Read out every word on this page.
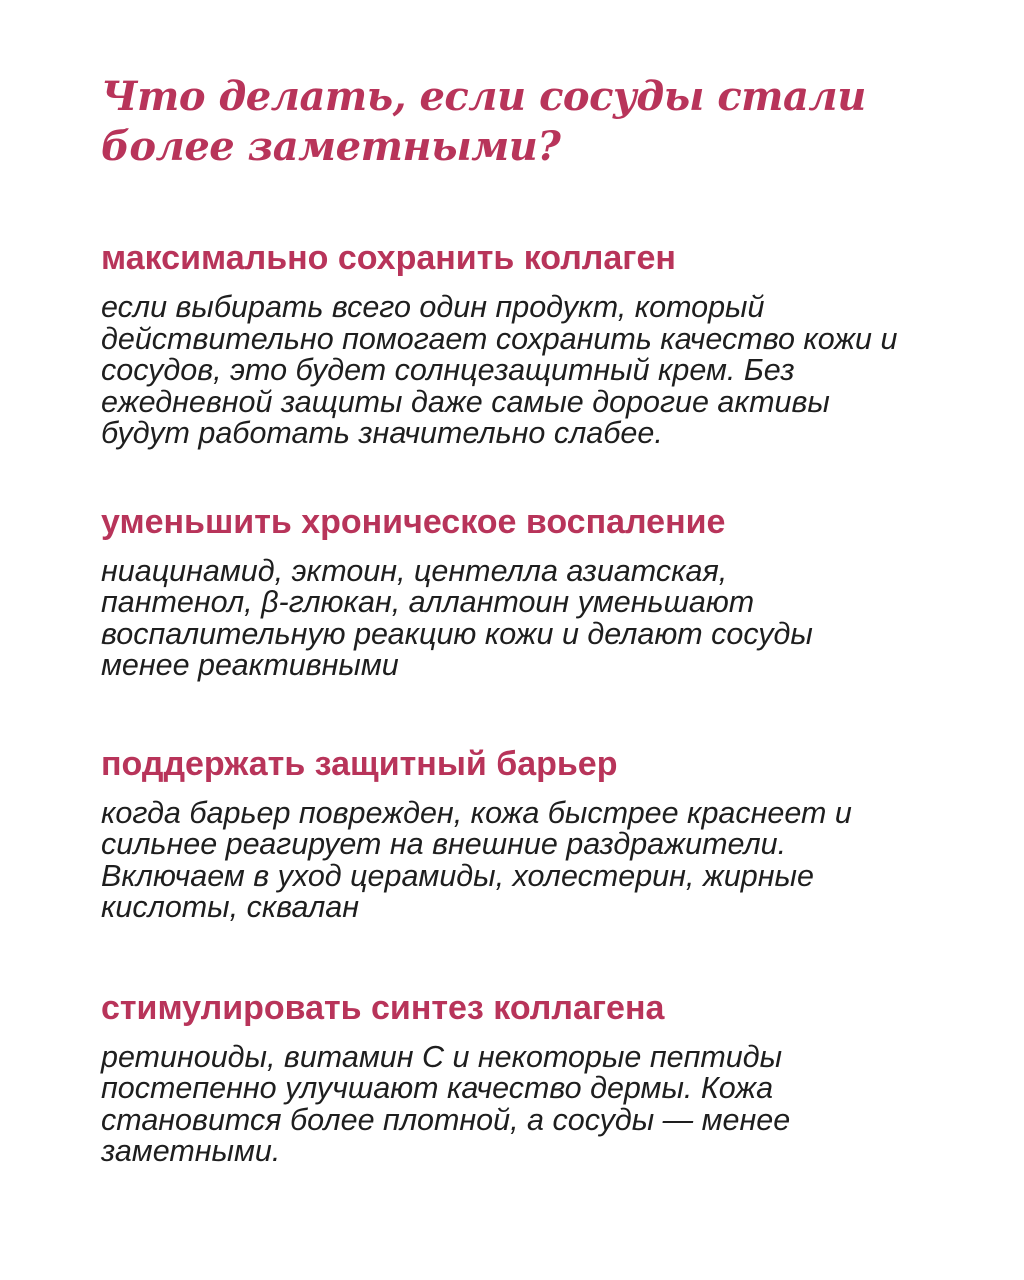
Что делать, если сосуды стали
более заметными?
максимально сохранить коллаген

если выбирать всего один продукт, который
действительно помогает сохранить качество кожи и
сосудов, это будет солнцезащитный крем. Без
ежедневной защиты даже самые дорогие активы
будут работать значительно слабее.

уменьшить хроническое воспаление

ниацинамид, эктоин, центелла азиатская,
пантенол, β-глюкан, аллантоин уменьшают
воспалительную реакцию кожи и делают сосуды
менее реактивными

поддержать защитный барьер

когда барьер поврежден, кожа быстрее краснеет и
сильнее реагирует на внешние раздражители.
Включаем в уход церамиды, холестерин, жирные
кислоты, сквалан

стимулировать синтез коллагена

ретиноиды, витамин С и некоторые пептиды
постепенно улучшают качество дермы. Кожа
становится более плотной, а сосуды — менее
заметными.
